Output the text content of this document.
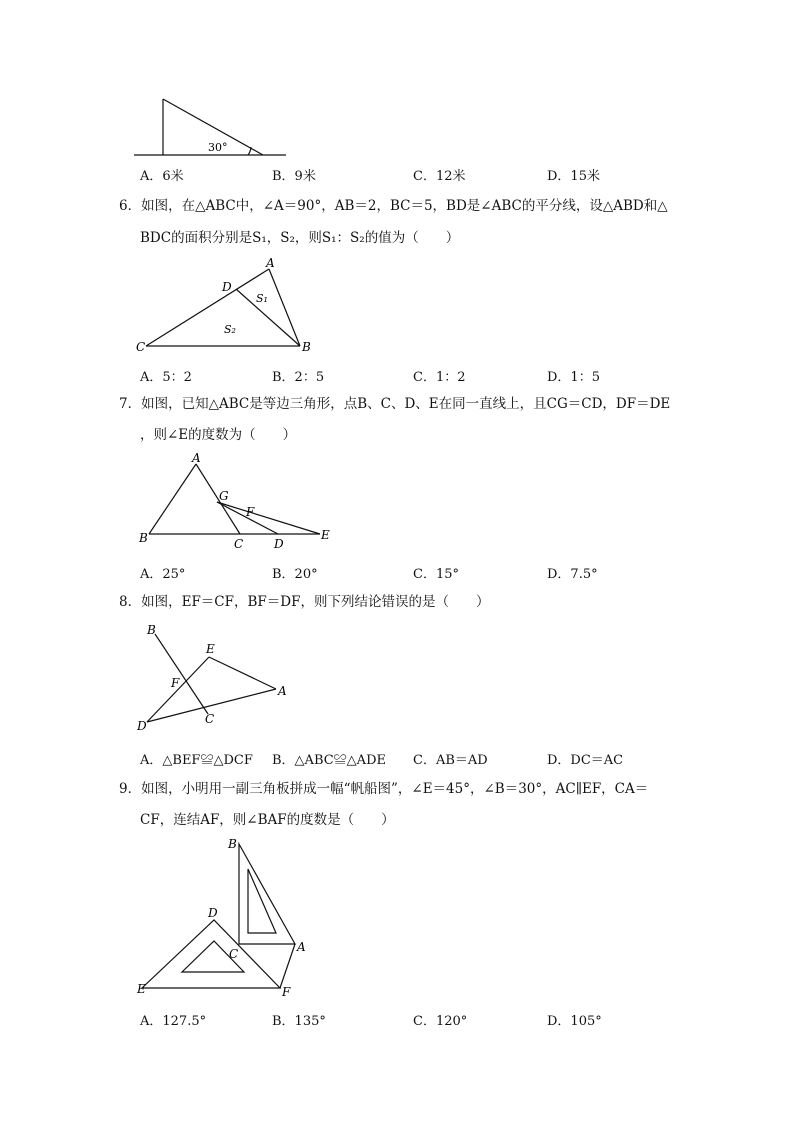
30°
A．6米	B．9米	C．12米	D．15米
6．如图，在△ABC中，∠A＝90°，AB＝2，BC＝5，BD是∠ABC的平分线，设△ABD和△
BDC的面积分别是S₁，S₂，则S₁：S₂的值为（　　）
A
B
C
D
S₁
S₂
A．5：2	B．2：5	C．1：2	D．1：5
7．如图，已知△ABC是等边三角形，点B、C、D、E在同一直线上，且CG＝CD，DF＝DE
，则∠E的度数为（　　）
A
B	C	D
E
F
G
A．25°	B．20°	C．15°	D．7.5°
8．如图，EF＝CF，BF＝DF，则下列结论错误的是（　　）
A
B
C
D
E
F
A．△BEF≌△DCF B．△ABC≌△ADE C．AB＝AD	D．DC＝AC
9．如图，小明用一副三角板拼成一幅“帆船图”，∠E＝45°，∠B＝30°，AC∥EF，CA＝
CF，连结AF，则∠BAF的度数是（　　）
A
B
C
D
E	F
A．127.5°	B．135°	C．120°	D．105°
